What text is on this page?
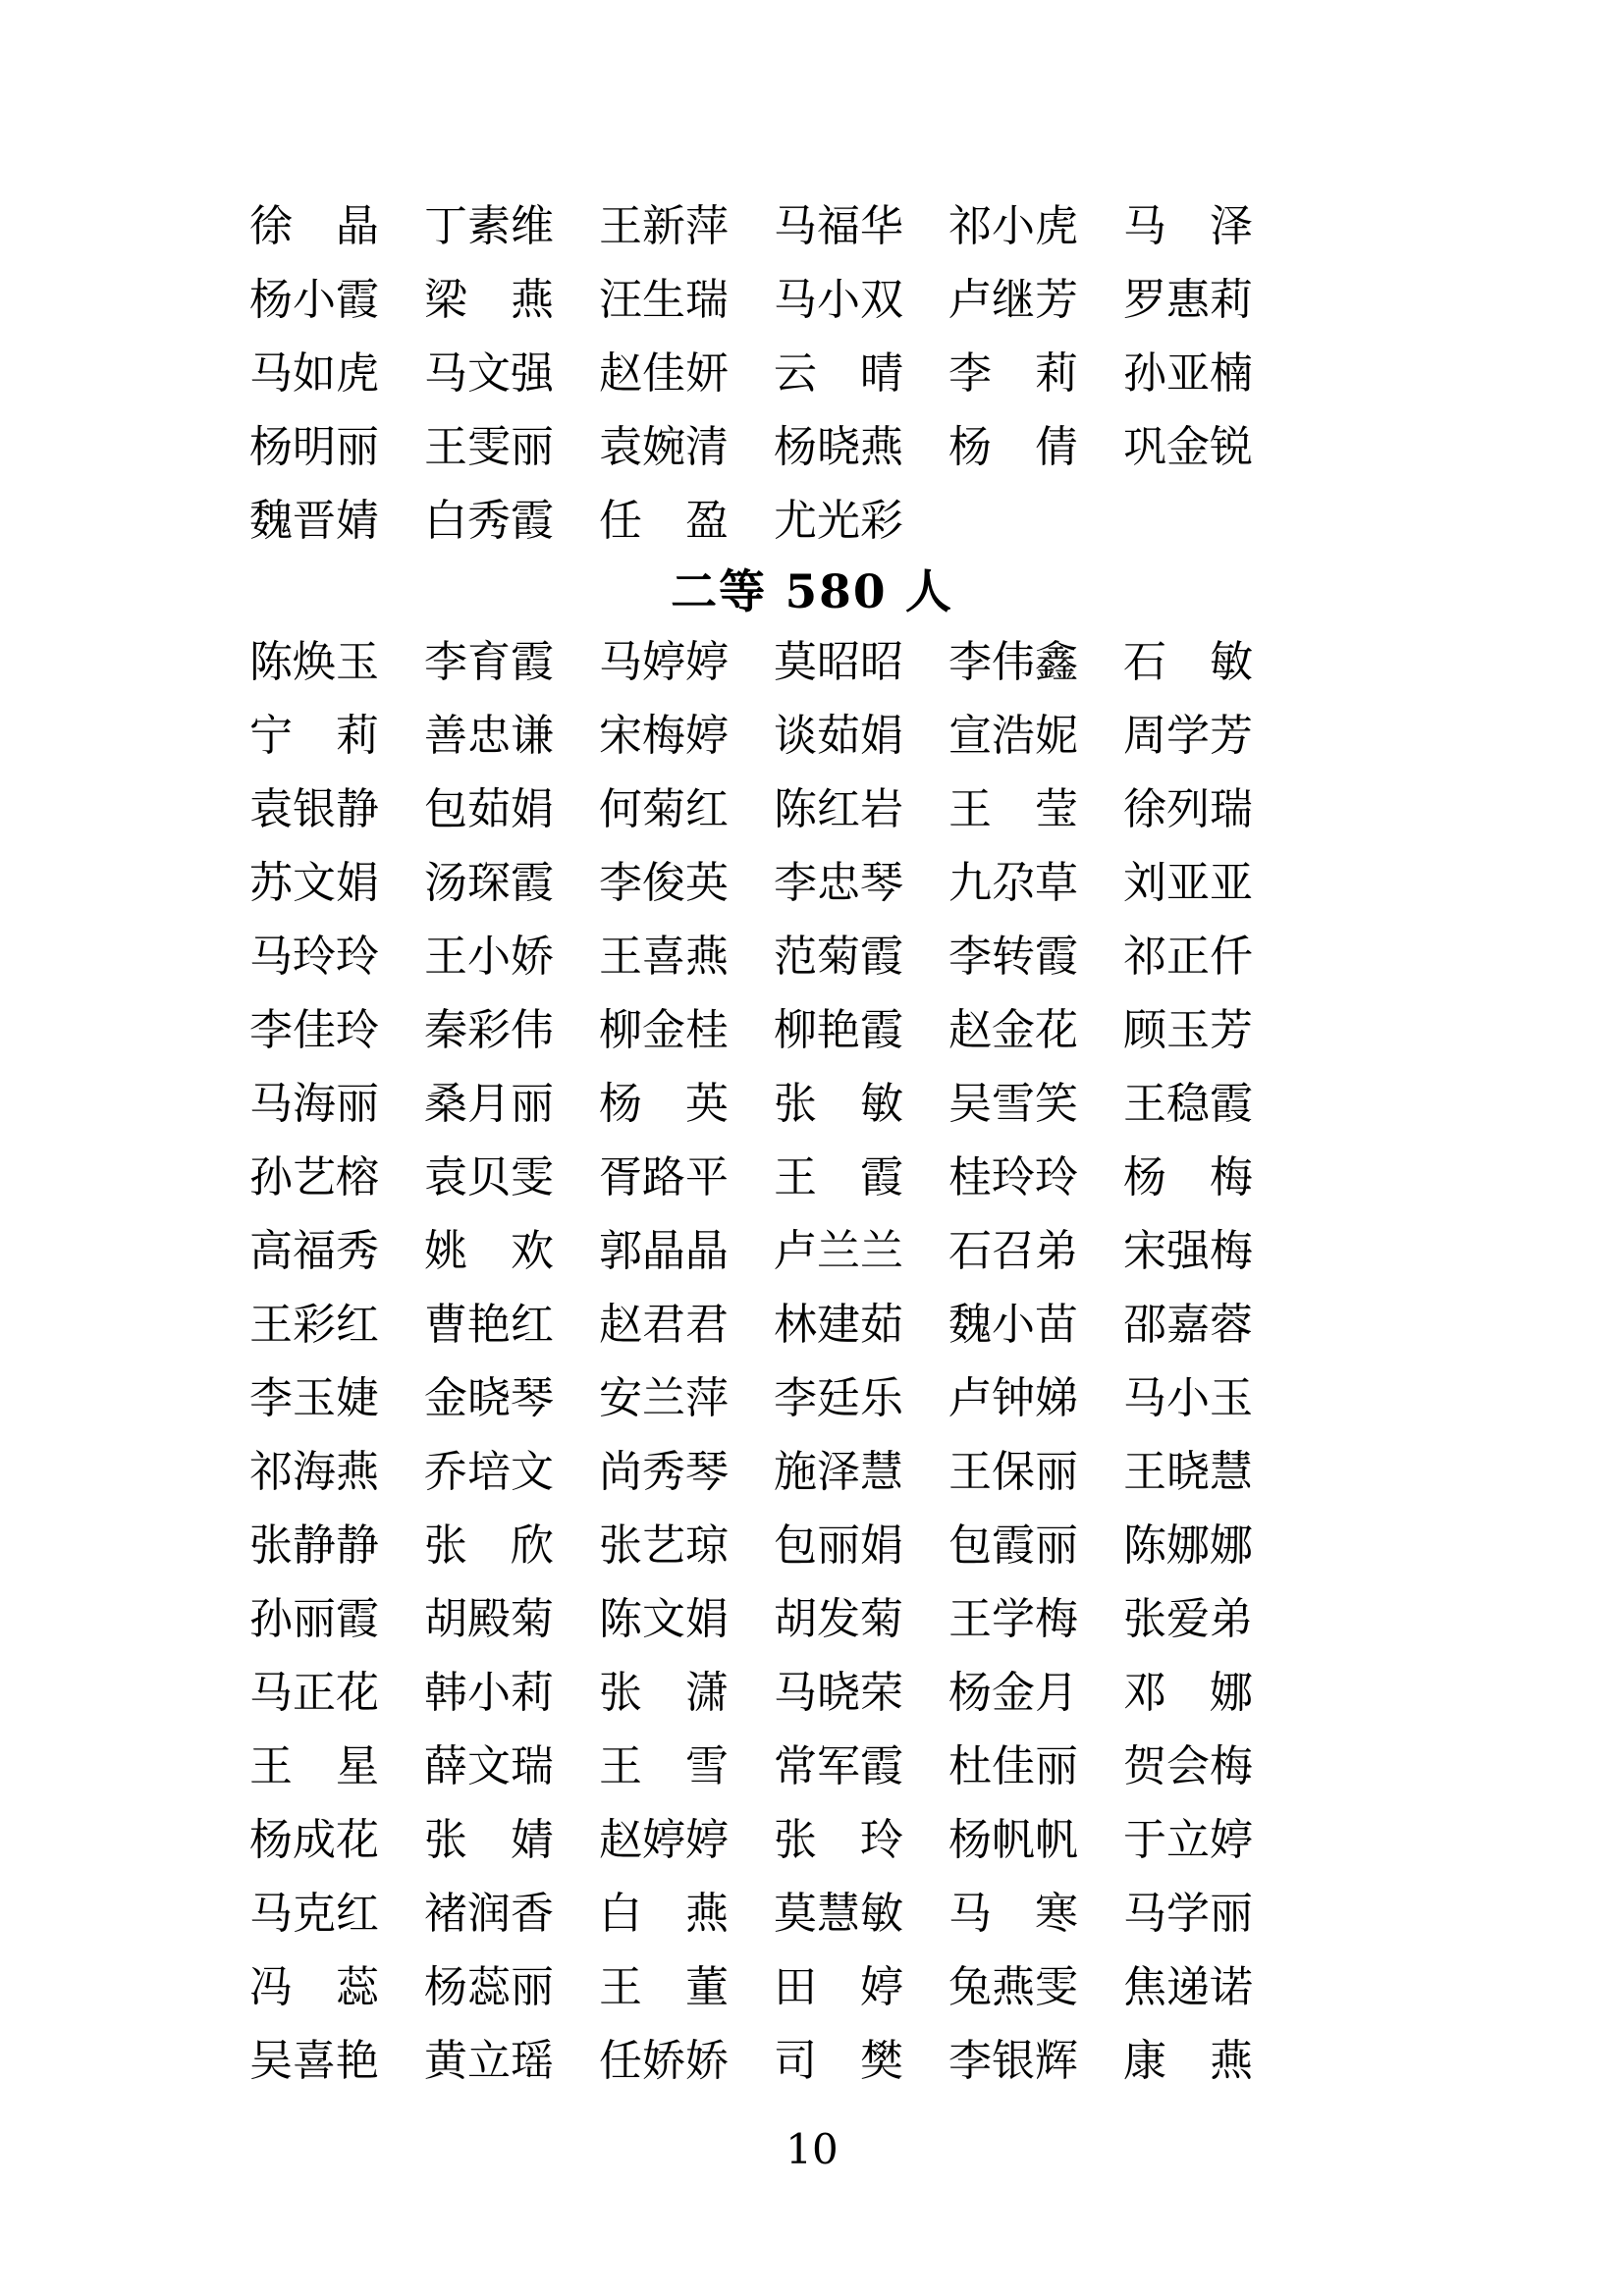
徐 晶 丁 素 维 王 新 萍 马 福 华 祁 小 虎 马 泽
杨 小 霞 梁 燕 汪 生 瑞 马 小 双 卢 继 芳 罗 惠 莉
马 如 虎 马 文 强 赵 佳 妍 云 晴 李 莉 孙 亚 楠
杨 明 丽 王 雯 丽 袁 婉 清 杨 晓 燕 杨 倩 巩 金 锐
魏 晋 婧 白 秀 霞 任 盈 尤 光 彩
二等 580 人
陈 焕 玉 李 育 霞 马 婷 婷 莫 昭 昭 李 伟 鑫 石 敏
宁 莉 善 忠 谦 宋 梅 婷 谈 茹 娟 宣 浩 妮 周 学 芳
袁 银 静 包 茹 娟 何 菊 红 陈 红 岩 王 莹 徐 列 瑞
苏 文 娟 汤 琛 霞 李 俊 英 李 忠 琴 九 尕 草 刘 亚 亚
马 玲 玲 王 小 娇 王 喜 燕 范 菊 霞 李 转 霞 祁 正 仟
李 佳 玲 秦 彩 伟 柳 金 桂 柳 艳 霞 赵 金 花 顾 玉 芳
马 海 丽 桑 月 丽 杨 英 张 敏 吴 雪 笑 王 稳 霞
孙 艺 榕 袁 贝 雯 胥 路 平 王 霞 桂 玲 玲 杨 梅
高 福 秀 姚 欢 郭 晶 晶 卢 兰 兰 石 召 弟 宋 强 梅
王 彩 红 曹 艳 红 赵 君 君 林 建 茹 魏 小 苗 邵 嘉 蓉
李 玉 婕 金 晓 琴 安 兰 萍 李 廷 乐 卢 钟 娣 马 小 玉
祁 海 燕 乔 培 文 尚 秀 琴 施 泽 慧 王 保 丽 王 晓 慧
张 静 静 张 欣 张 艺 琼 包 丽 娟 包 霞 丽 陈 娜 娜
孙 丽 霞 胡 殿 菊 陈 文 娟 胡 发 菊 王 学 梅 张 爱 弟
马 正 花 韩 小 莉 张 潇 马 晓 荣 杨 金 月 邓 娜
王 星 薛 文 瑞 王 雪 常 军 霞 杜 佳 丽 贺 会 梅
杨 成 花 张 婧 赵 婷 婷 张 玲 杨 帆 帆 于 立 婷
马 克 红 褚 润 香 白 燕 莫 慧 敏 马 寒 马 学 丽
冯 蕊 杨 蕊 丽 王 董 田 婷 兔 燕 雯 焦 递 诺
吴 喜 艳 黄 立 瑶 任 娇 娇 司 樊 李 银 辉 康 燕
10
